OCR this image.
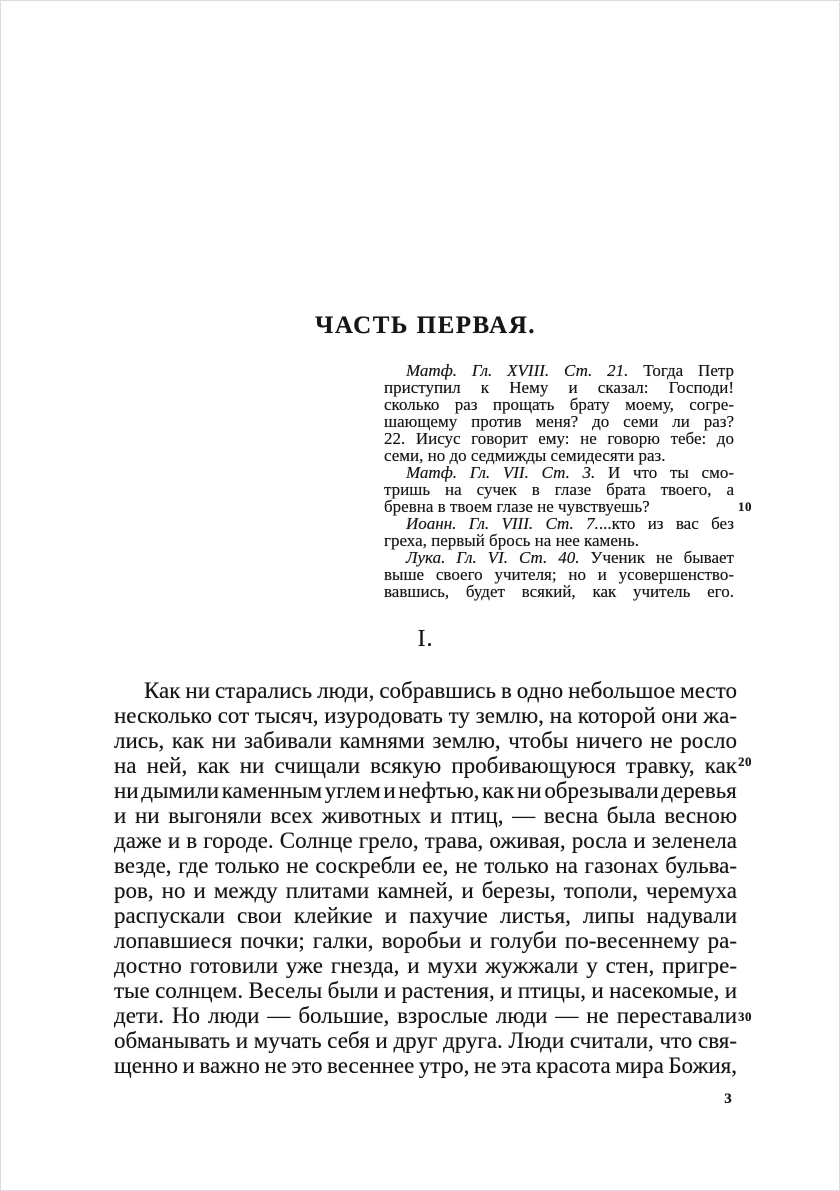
ЧАСТЬ ПЕРВАЯ.
Матф. Гл. XVIII. Ст. 21. Тогда Петр
приступил к Нему и сказал: Господи!
сколько раз прощать брату моему, согре-
шающему против меня? до семи ли раз?
22. Иисус говорит ему: не говорю тебе: до
семи, но до седмижды семидесяти раз.
Матф. Гл. VII. Ст. 3. И что ты смо-
тришь на сучек в глазе брата твоего, а
бревна в твоем глазе не чувствуешь?
Иоанн. Гл. VIII. Ст. 7....кто из вас без
греха, первый брось на нее камень.
Лука. Гл. VI. Ст. 40. Ученик не бывает
выше своего учителя; но и усовершенство-
вавшись, будет всякий, как учитель его.
I.
Как ни старались люди, собравшись в одно небольшое место
несколько сот тысяч, изуродовать ту землю, на которой они жа-
лись, как ни забивали камнями землю, чтобы ничего не росло
на ней, как ни счищали всякую пробивающуюся травку, как
ни дымили каменным углем и нефтью, как ни обрезывали деревья
и ни выгоняли всех животных и птиц, — весна была весною
даже и в городе. Солнце грело, трава, оживая, росла и зеленела
везде, где только не соскребли ее, не только на газонах бульва-
ров, но и между плитами камней, и березы, тополи, черемуха
распускали свои клейкие и пахучие листья, липы надували
лопавшиеся почки; галки, воробьи и голуби по-весеннему ра-
достно готовили уже гнезда, и мухи жужжали у стен, пригре-
тые солнцем. Веселы были и растения, и птицы, и насекомые, и
дети. Но люди — большие, взрослые люди — не переставали
обманывать и мучать себя и друг друга. Люди считали, что свя-
щенно и важно не это весеннее утро, не эта красота мира Божия,
10
20
30
3
